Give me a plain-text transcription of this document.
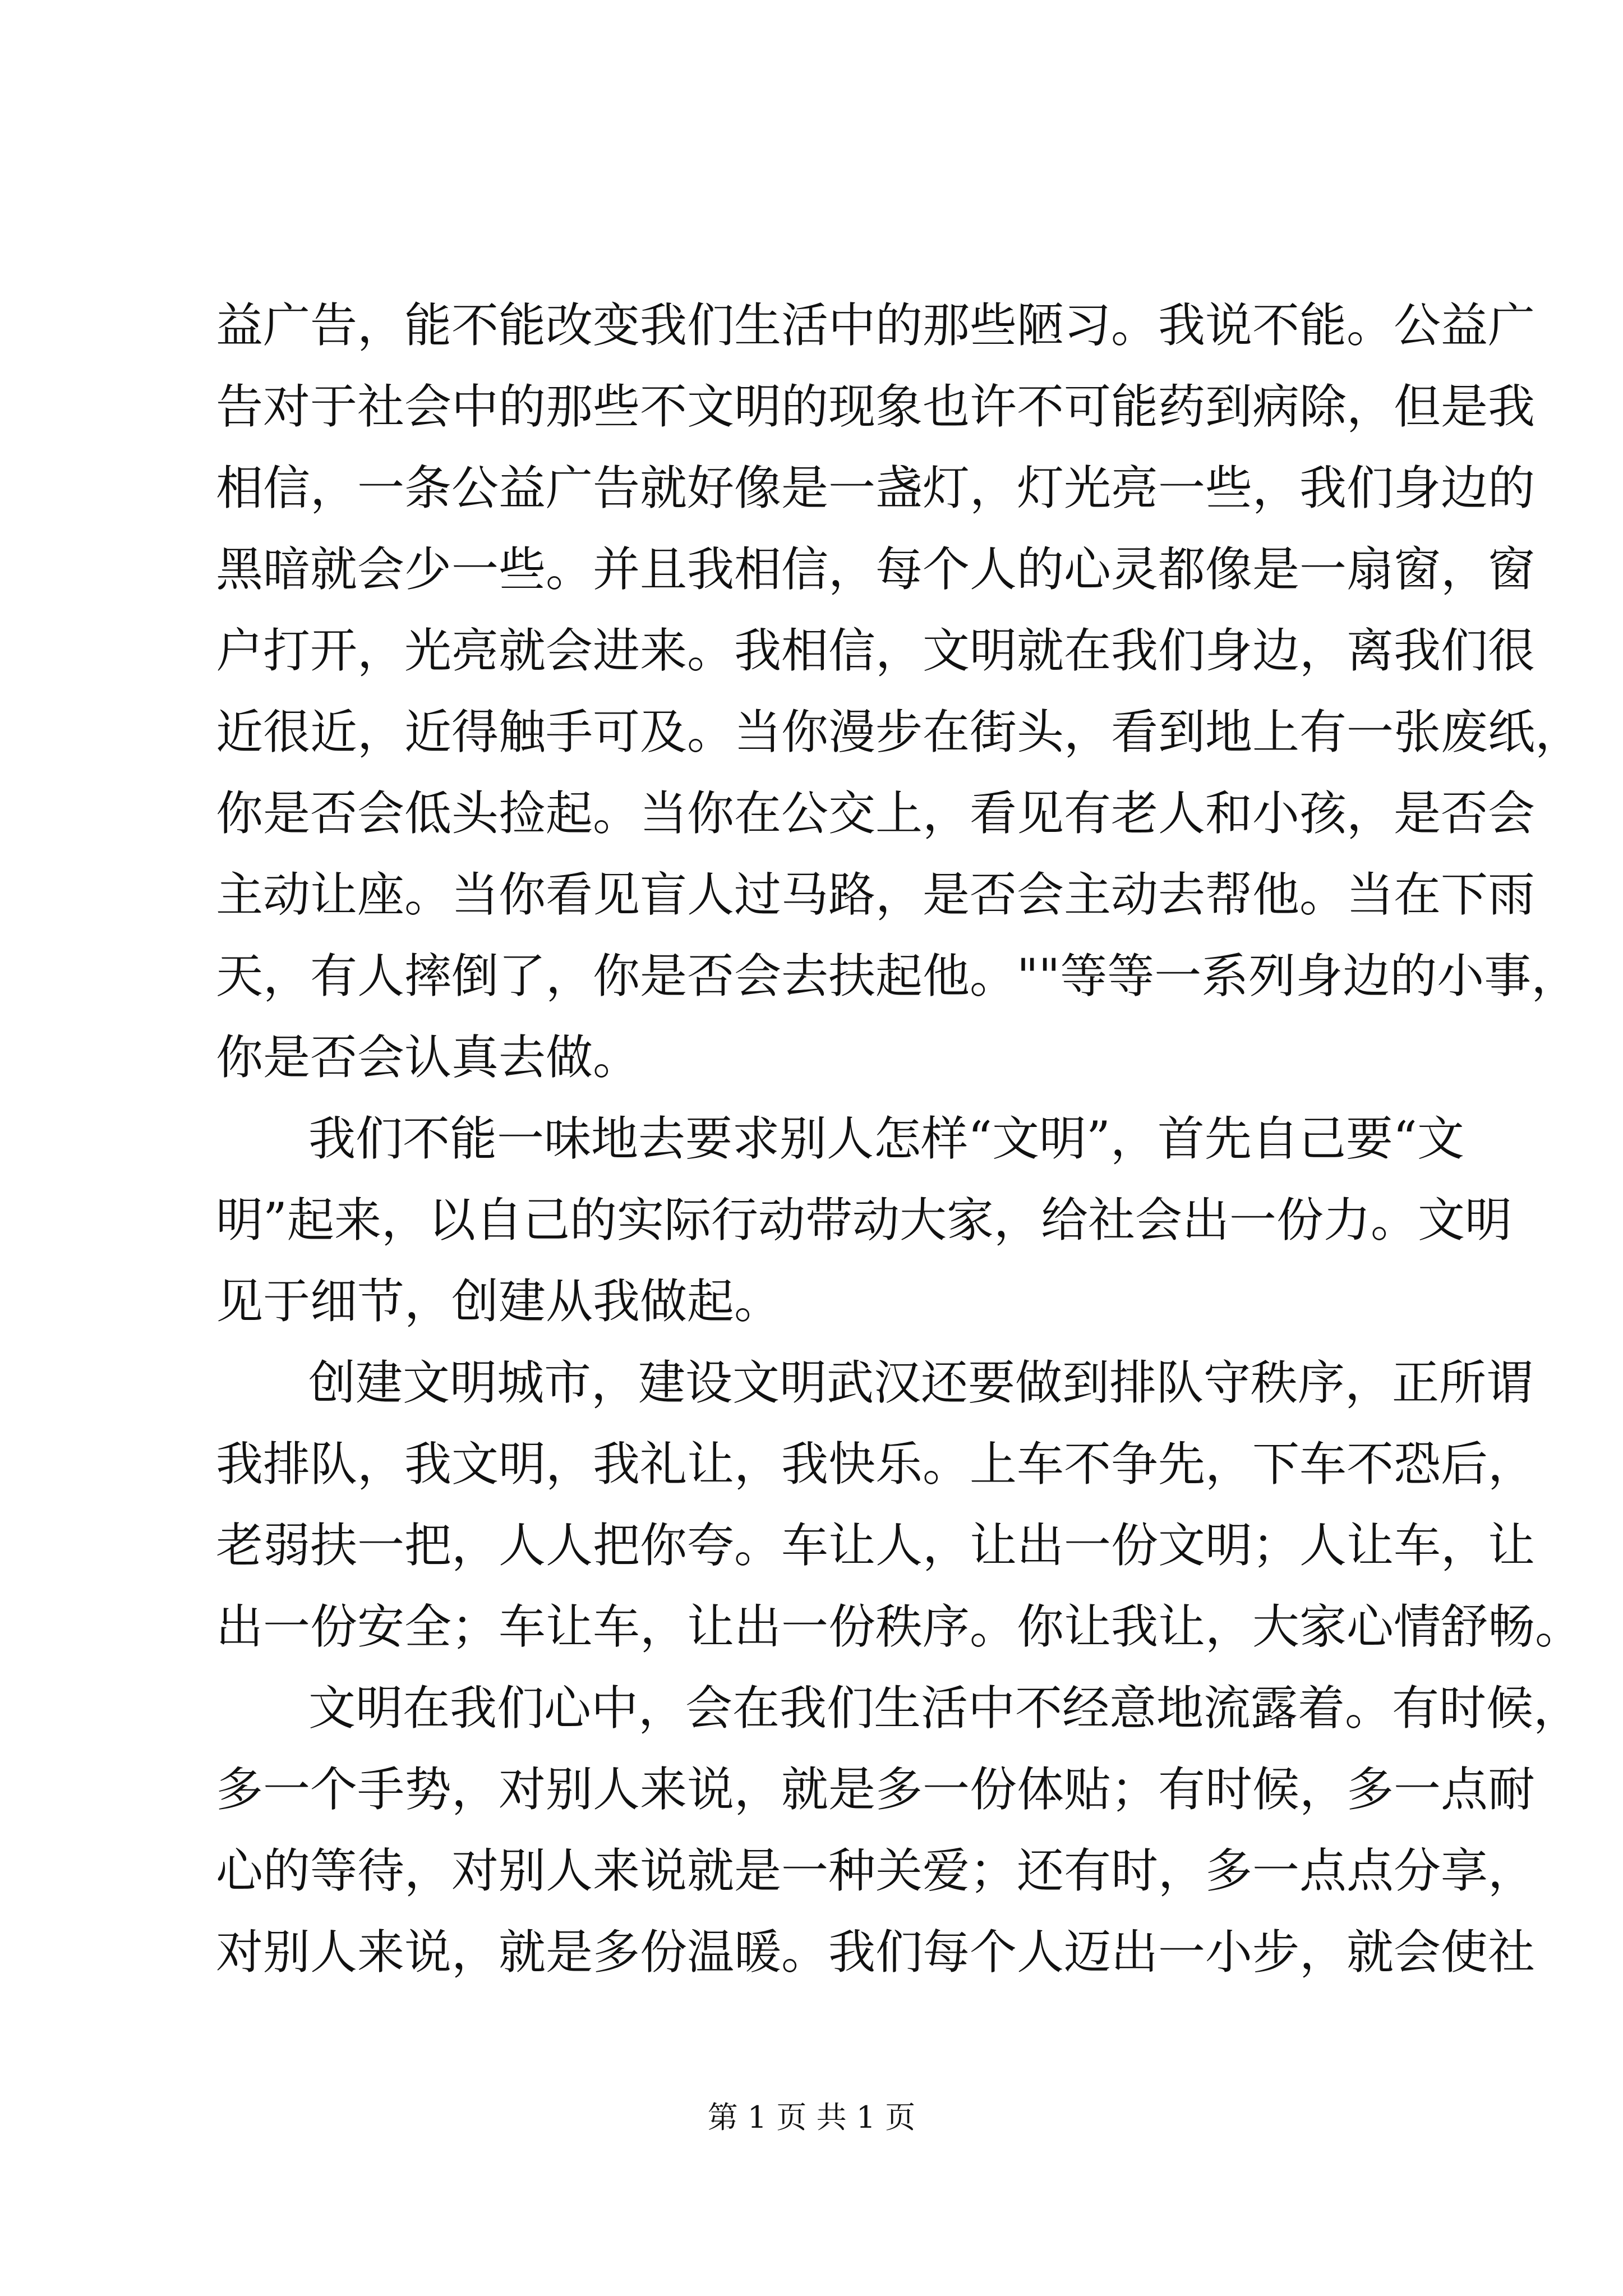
益广告，能不能改变我们生活中的那些陋习。我说不能。公益广
告对于社会中的那些不文明的现象也许不可能药到病除，但是我
相信，一条公益广告就好像是一盏灯，灯光亮一些，我们身边的
黑暗就会少一些。并且我相信，每个人的心灵都像是一扇窗，窗
户打开，光亮就会进来。我相信，文明就在我们身边，离我们很
近很近，近得触手可及。当你漫步在街头，看到地上有一张废纸，
你是否会低头捡起。当你在公交上，看见有老人和小孩，是否会
主动让座。当你看见盲人过马路，是否会主动去帮他。当在下雨
天，有人摔倒了，你是否会去扶起他。""等等一系列身边的小事，
你是否会认真去做。
我们不能一味地去要求别人怎样“文明”，首先自己要“文
明”起来，以自己的实际行动带动大家，给社会出一份力。文明
见于细节，创建从我做起。
创建文明城市，建设文明武汉还要做到排队守秩序，正所谓
我排队，我文明，我礼让，我快乐。上车不争先，下车不恐后，
老弱扶一把，人人把你夸。车让人，让出一份文明；人让车，让
出一份安全；车让车，让出一份秩序。你让我让，大家心情舒畅。
文明在我们心中，会在我们生活中不经意地流露着。有时候，
多一个手势，对别人来说，就是多一份体贴；有时候，多一点耐
心的等待，对别人来说就是一种关爱；还有时，多一点点分享，
对别人来说，就是多份温暖。我们每个人迈出一小步，就会使社
第 1 页 共 1 页
